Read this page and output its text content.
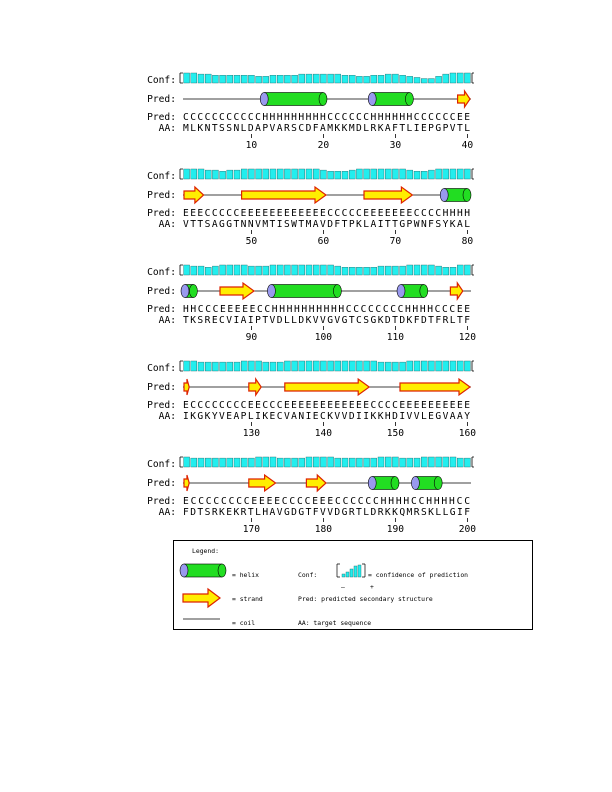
Conf:
Pred:
Pred:
AA:
CCCCCCCCCCCHHHHHHHHHCCCCCCHHHHHHCCCCCCEE
MLKNTSSNLDAPVARSCDFAMKKMDLRKAFTLIEPGPVTL
10	20	30	40
Conf:
Pred:
Pred:
AA:
EEECCCCCEEEEEEEEEEEECCCCCEEEEEEECCCCHHHH
VTTSAGGTNNVMTISWTMAVDFTPKLAITTGPWNFSYKAL
50	60	70	80
Conf:
Pred:
Pred:
AA:
HHCCCEEEEECCHHHHHHHHHHCCCCCCCCHHHHCCCEE
TKSRECVIAIPTVDLLDKVVGVGTCSGKDTDKFDTFRLTF
90	100	110	120
Conf:
Pred:
Pred:
AA:
ECCCCCCCCEECCCEEEEEEEEEEEECCCCEEEEEEEEEE
IKGKYVEAPLIKECVANIECKVVDIIKKHDIVVLEGVAAY
130	140	150	160
Conf:
Pred:
Pred:
AA:
ECCCCCCCCEEEECCCCEEECCCCCCHHHHCCHHHHCC
FDTSRKEKRTLHAVGDGTFVVDGRTLDRKKQMRSKLLGIF
170	180	190	200
Legend:
= helix
= strand
= coil
Conf:
–	+
= confidence of prediction
Pred: predicted secondary structure
AA: target sequence
